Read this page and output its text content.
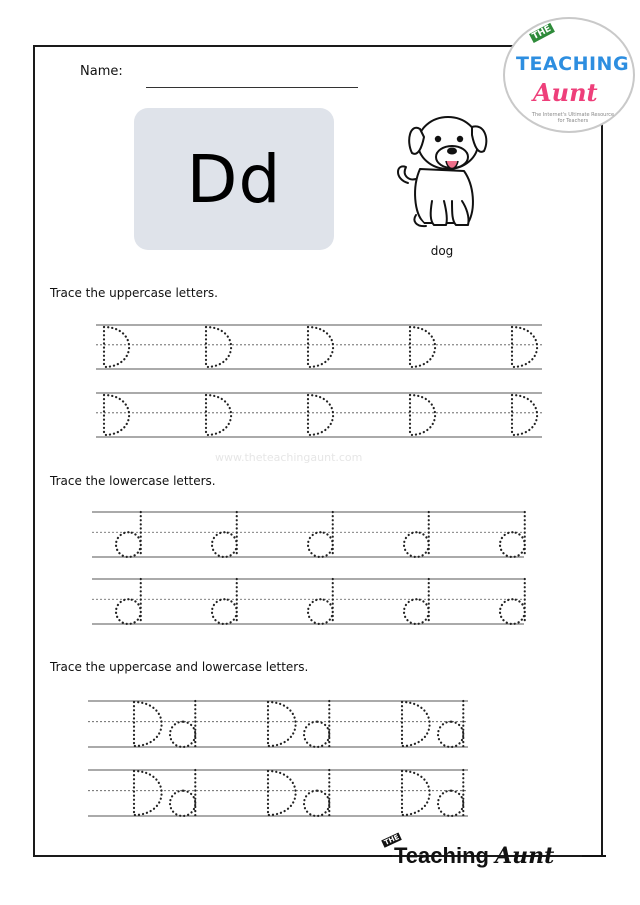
THE
TEACHING
Aunt
The Internet's Ultimate Resource for Teachers
Name:
Dd
dog
Trace the uppercase letters.
Trace the lowercase letters.
Trace the uppercase and lowercase letters.
www.theteachingaunt.com
THE
Teaching Aunt
